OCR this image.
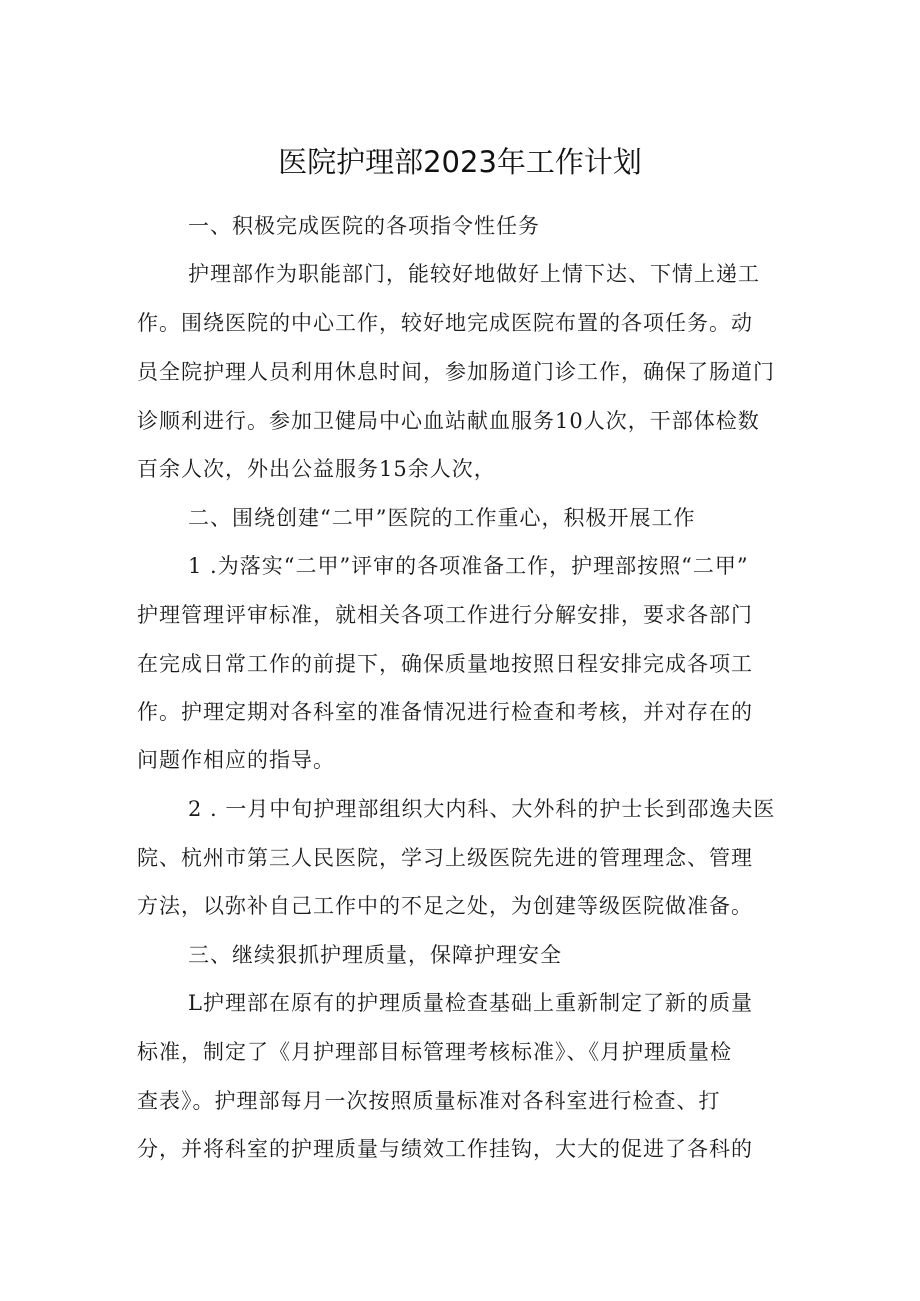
医院护理部2023年工作计划
一、积极完成医院的各项指令性任务
护理部作为职能部门，能较好地做好上情下达、下情上递工
作。围绕医院的中心工作，较好地完成医院布置的各项任务。动
员全院护理人员利用休息时间，参加肠道门诊工作，确保了肠道门
诊顺利进行。参加卫健局中心血站献血服务10人次，干部体检数
百余人次，外出公益服务15余人次，
二、围绕创建“二甲”医院的工作重心，积极开展工作
1 .为落实“二甲”评审的各项准备工作，护理部按照“二甲”
护理管理评审标准，就相关各项工作进行分解安排，要求各部门
在完成日常工作的前提下，确保质量地按照日程安排完成各项工
作。护理定期对各科室的准备情况进行检查和考核，并对存在的
问题作相应的指导。
2 . 一月中旬护理部组织大内科、大外科的护士长到邵逸夫医
院、杭州市第三人民医院，学习上级医院先进的管理理念、管理
方法，以弥补自己工作中的不足之处，为创建等级医院做准备。
三、继续狠抓护理质量，保障护理安全
L护理部在原有的护理质量检查基础上重新制定了新的质量
标准，制定了《月护理部目标管理考核标准》、《月护理质量检
查表》。护理部每月一次按照质量标准对各科室进行检查、打
分，并将科室的护理质量与绩效工作挂钩，大大的促进了各科的
